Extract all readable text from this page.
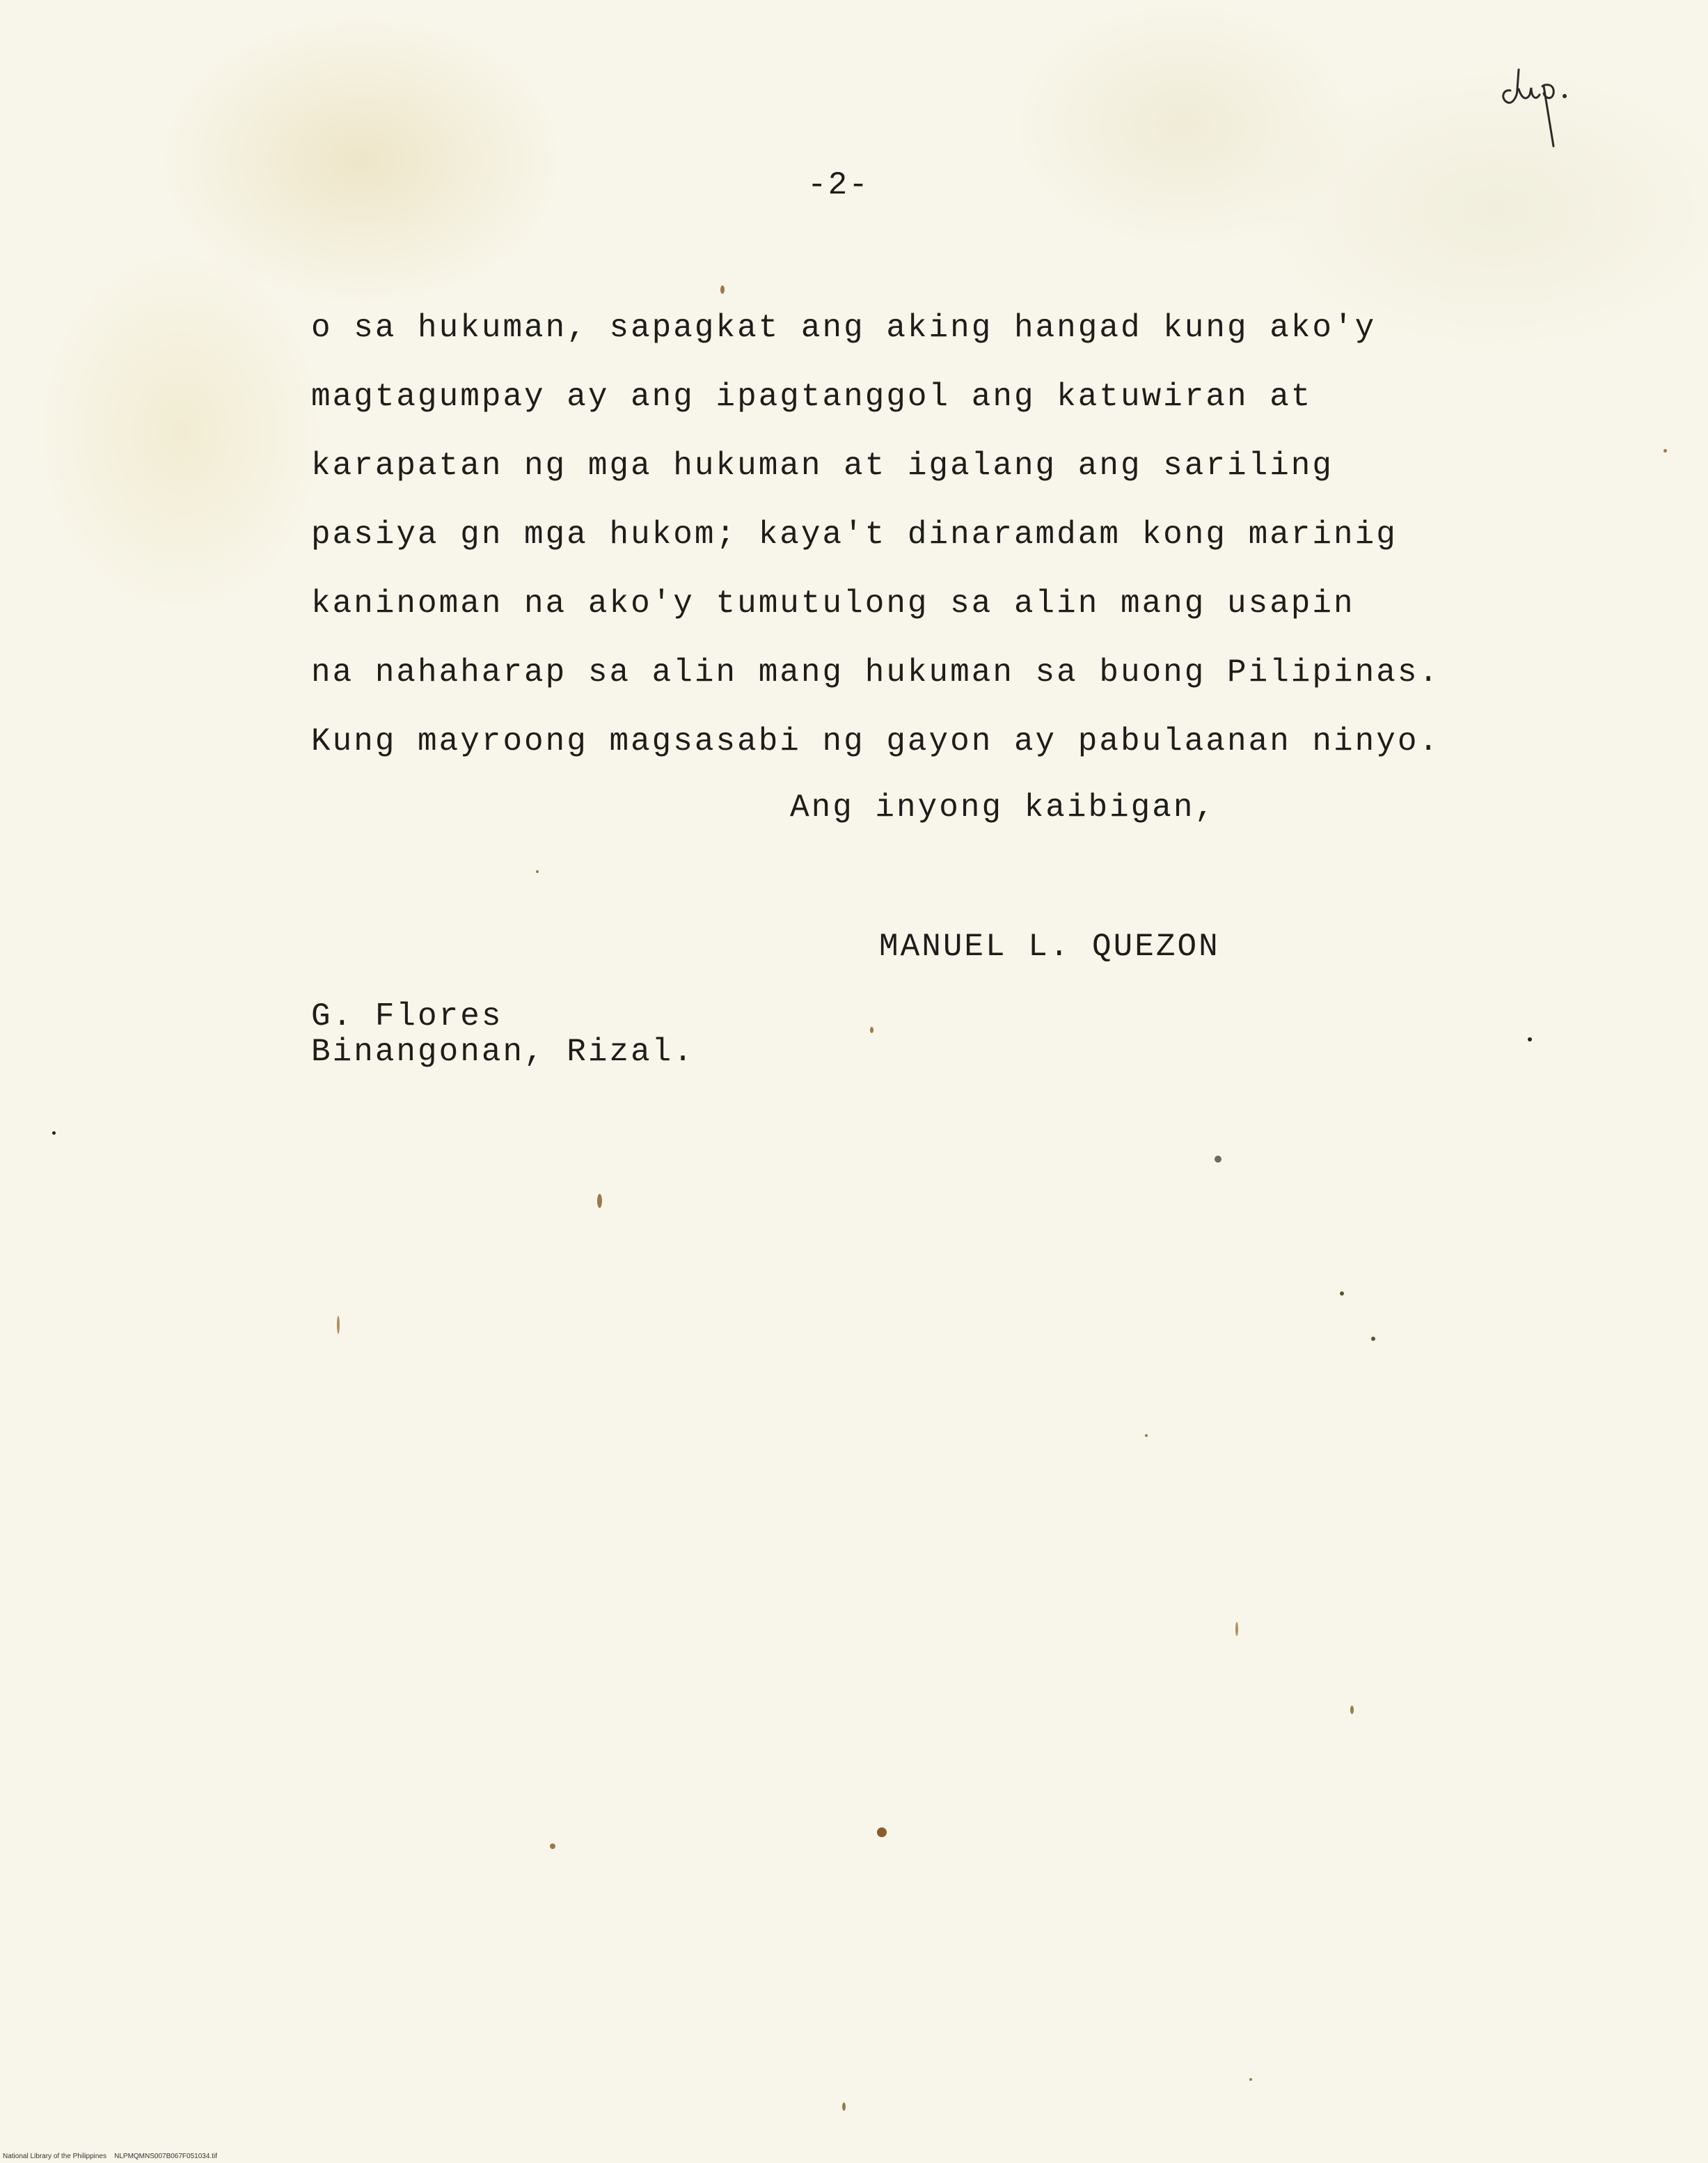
-2-
o sa hukuman, sapagkat ang aking hangad kung ako'y
magtagumpay ay ang ipagtanggol ang katuwiran at
karapatan ng mga hukuman at igalang ang sariling
pasiya gn mga hukom; kaya't dinaramdam kong marinig
kaninoman na ako'y tumutulong sa alin mang usapin
na nahaharap sa alin mang hukuman sa buong Pilipinas.
Kung mayroong magsasabi ng gayon ay pabulaanan ninyo.
Ang inyong kaibigan,
MANUEL L. QUEZON
G. Flores
Binangonan, Rizal.
National Library of the Philippines NLPMQMNS007B067F051034.tif
